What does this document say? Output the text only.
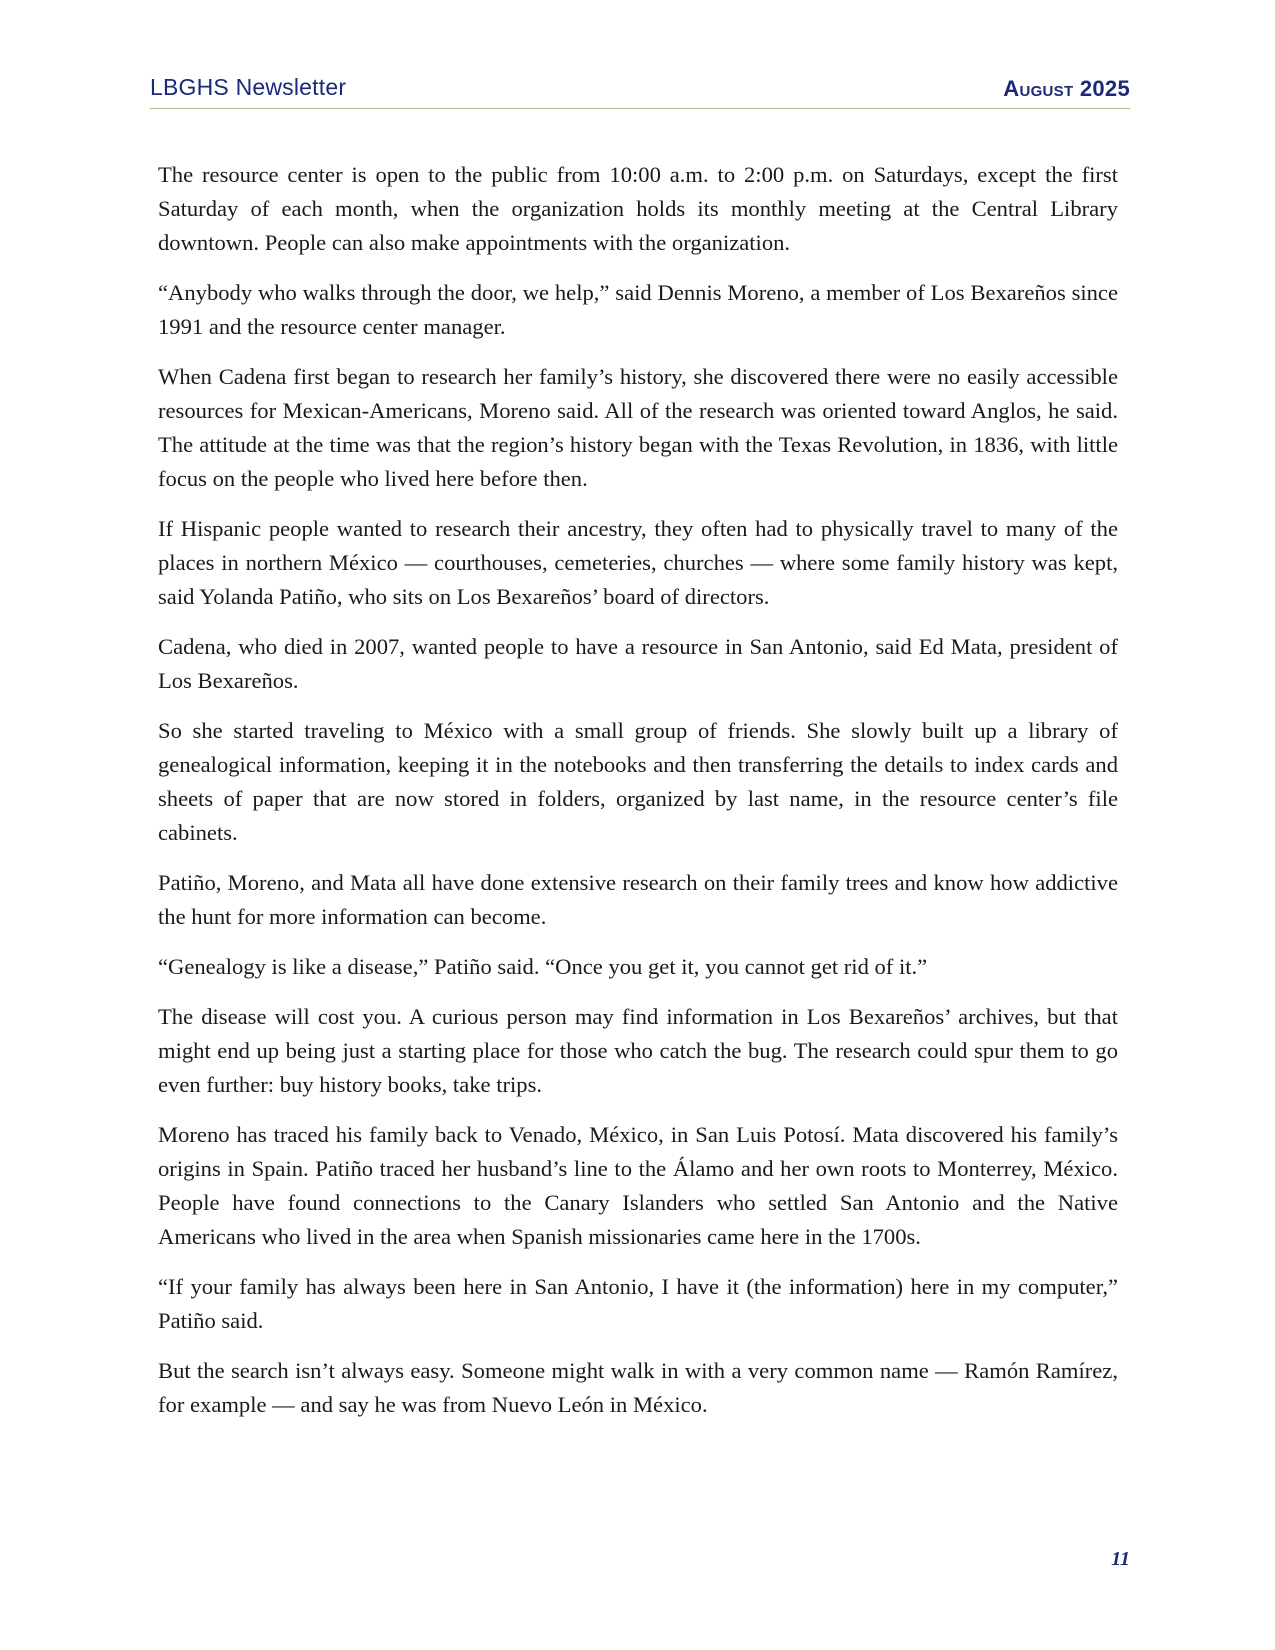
LBGHS Newsletter	August 2025

The resource center is open to the public from 10:00 a.m. to 2:00 p.m. on Saturdays, except the first Saturday of each month, when the organization holds its monthly meeting at the Central Library downtown. People can also make appointments with the organization.

“Anybody who walks through the door, we help,” said Dennis Moreno, a member of Los Bexareños since 1991 and the resource center manager.

When Cadena first began to research her family’s history, she discovered there were no easily accessible resources for Mexican-Americans, Moreno said. All of the research was oriented toward Anglos, he said. The attitude at the time was that the region’s history began with the Texas Revolution, in 1836, with little focus on the people who lived here before then.

If Hispanic people wanted to research their ancestry, they often had to physically travel to many of the places in northern México — courthouses, cemeteries, churches — where some family history was kept, said Yolanda Patiño, who sits on Los Bexareños’ board of directors.

Cadena, who died in 2007, wanted people to have a resource in San Antonio, said Ed Mata, president of Los Bexareños.

So she started traveling to México with a small group of friends. She slowly built up a library of genealogical information, keeping it in the notebooks and then transferring the details to index cards and sheets of paper that are now stored in folders, organized by last name, in the resource center’s file cabinets.

Patiño, Moreno, and Mata all have done extensive research on their family trees and know how addictive the hunt for more information can become.

“Genealogy is like a disease,” Patiño said. “Once you get it, you cannot get rid of it.”

The disease will cost you. A curious person may find information in Los Bexareños’ archives, but that might end up being just a starting place for those who catch the bug. The research could spur them to go even further: buy history books, take trips.

Moreno has traced his family back to Venado, México, in San Luis Potosí. Mata discovered his family’s origins in Spain. Patiño traced her husband’s line to the Álamo and her own roots to Monterrey, México. People have found connections to the Canary Islanders who settled San Antonio and the Native Americans who lived in the area when Spanish missionaries came here in the 1700s.

“If your family has always been here in San Antonio, I have it (the information) here in my computer,” Patiño said.

But the search isn’t always easy. Someone might walk in with a very common name — Ramón Ramírez, for example — and say he was from Nuevo León in México.

11
